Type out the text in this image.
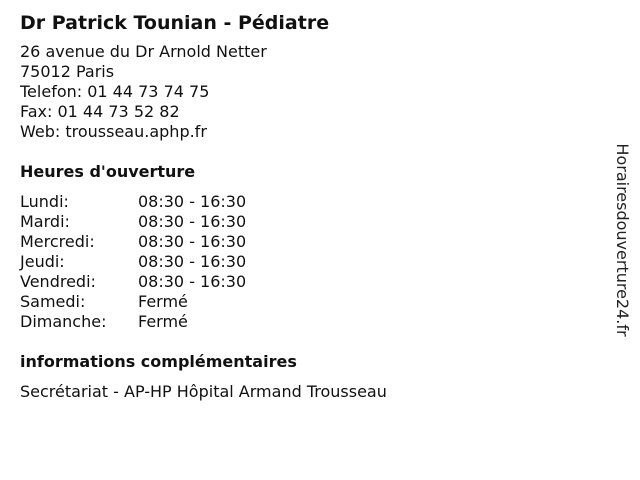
Dr Patrick Tounian - Pédiatre
26 avenue du Dr Arnold Netter
75012 Paris
Telefon: 01 44 73 74 75
Fax: 01 44 73 52 82
Web: trousseau.aphp.fr
Heures d'ouverture
Lundi:	08:30 - 16:30
Mardi:	08:30 - 16:30
Mercredi:	08:30 - 16:30
Jeudi:	08:30 - 16:30
Vendredi:	08:30 - 16:30
Samedi:	Fermé
Dimanche:	Fermé
informations complémentaires
Secrétariat - AP-HP Hôpital Armand Trousseau
Horairesdouverture24.fr
